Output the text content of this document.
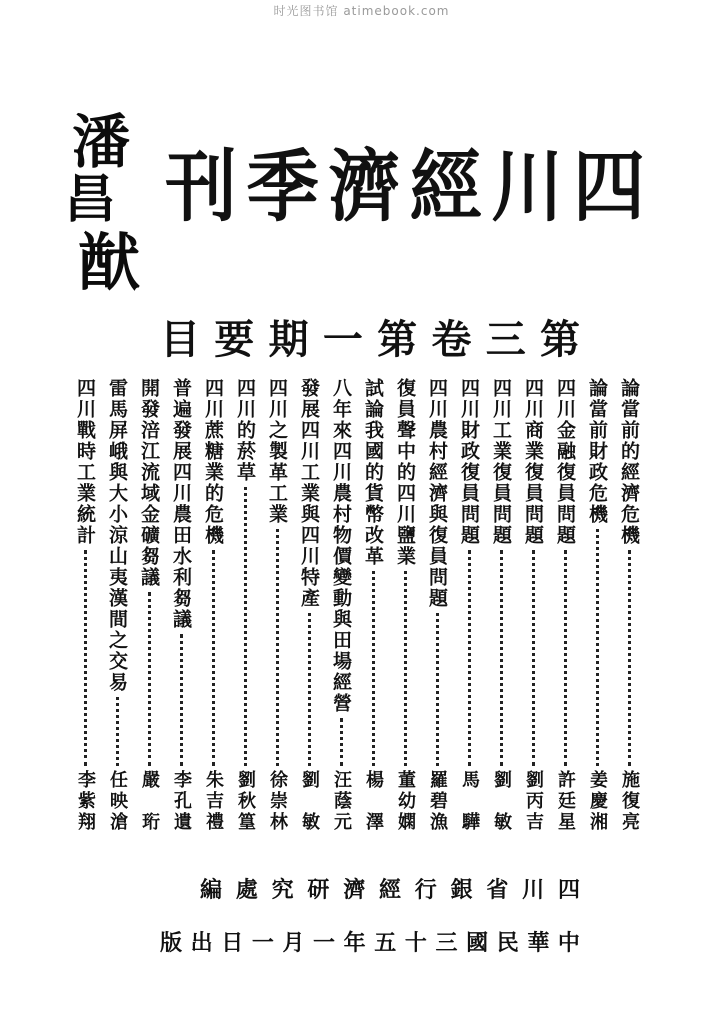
时光图书馆 atimebook.com
潘
昌
猷
刊 季 濟 經 川 四
目 要 期 一 第 卷 三 第
論當前的經濟危機
施復亮
論當前財政危機
姜慶湘
四川金融復員問題
許廷星
四川商業復員問題
劉丙吉
四川工業復員問題
劉　敏
四川財政復員問題
馬　驊
四川農村經濟與復員問題
羅碧漁
復員聲中的四川鹽業
董幼嫻
試論我國的貨幣改革
楊　澤
八年來四川農村物價變動與田場經營
汪蔭元
發展四川工業與四川特產
劉　敏
四川之製革工業
徐崇林
四川的菸草
劉秋篁
四川蔗糖業的危機
朱吉禮
普遍發展四川農田水利芻議
李孔遺
開發涪江流域金礦芻議
嚴　珩
雷馬屏峨與大小涼山夷漢間之交易
任映滄
四川戰時工業統計
李紫翔
編 處 究 研 濟 經 行 銀 省 川 四
版 出 日 一 月 一 年 五 十 三 國 民 華 中
